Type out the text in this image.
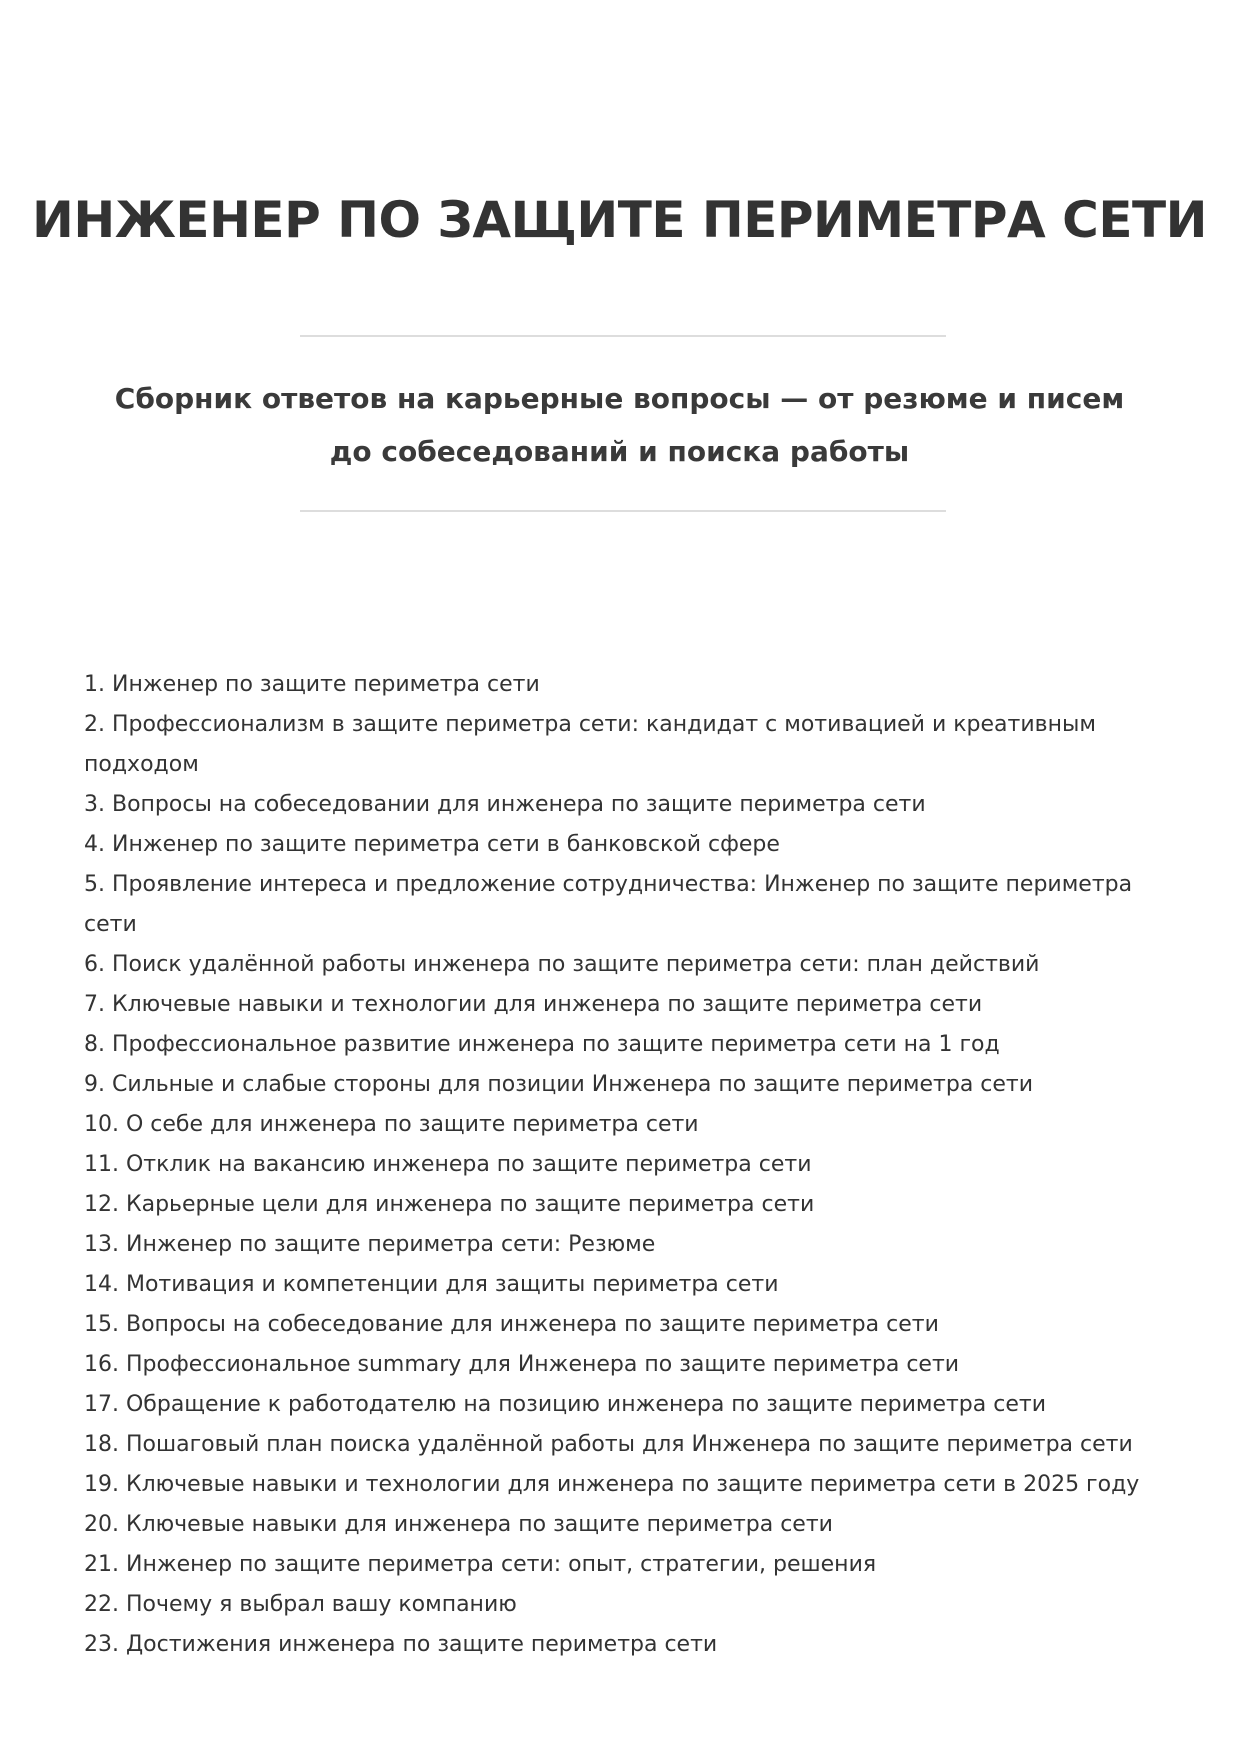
ИНЖЕНЕР ПО ЗАЩИТЕ ПЕРИМЕТРА СЕТИ

Сборник ответов на карьерные вопросы — от резюме и писем до собеседований и поиска работы

1. Инженер по защите периметра сети
2. Профессионализм в защите периметра сети: кандидат с мотивацией и креативным подходом
3. Вопросы на собеседовании для инженера по защите периметра сети
4. Инженер по защите периметра сети в банковской сфере
5. Проявление интереса и предложение сотрудничества: Инженер по защите периметра сети
6. Поиск удалённой работы инженера по защите периметра сети: план действий
7. Ключевые навыки и технологии для инженера по защите периметра сети
8. Профессиональное развитие инженера по защите периметра сети на 1 год
9. Сильные и слабые стороны для позиции Инженера по защите периметра сети
10. О себе для инженера по защите периметра сети
11. Отклик на вакансию инженера по защите периметра сети
12. Карьерные цели для инженера по защите периметра сети
13. Инженер по защите периметра сети: Резюме
14. Мотивация и компетенции для защиты периметра сети
15. Вопросы на собеседование для инженера по защите периметра сети
16. Профессиональное summary для Инженера по защите периметра сети
17. Обращение к работодателю на позицию инженера по защите периметра сети
18. Пошаговый план поиска удалённой работы для Инженера по защите периметра сети
19. Ключевые навыки и технологии для инженера по защите периметра сети в 2025 году
20. Ключевые навыки для инженера по защите периметра сети
21. Инженер по защите периметра сети: опыт, стратегии, решения
22. Почему я выбрал вашу компанию
23. Достижения инженера по защите периметра сети
